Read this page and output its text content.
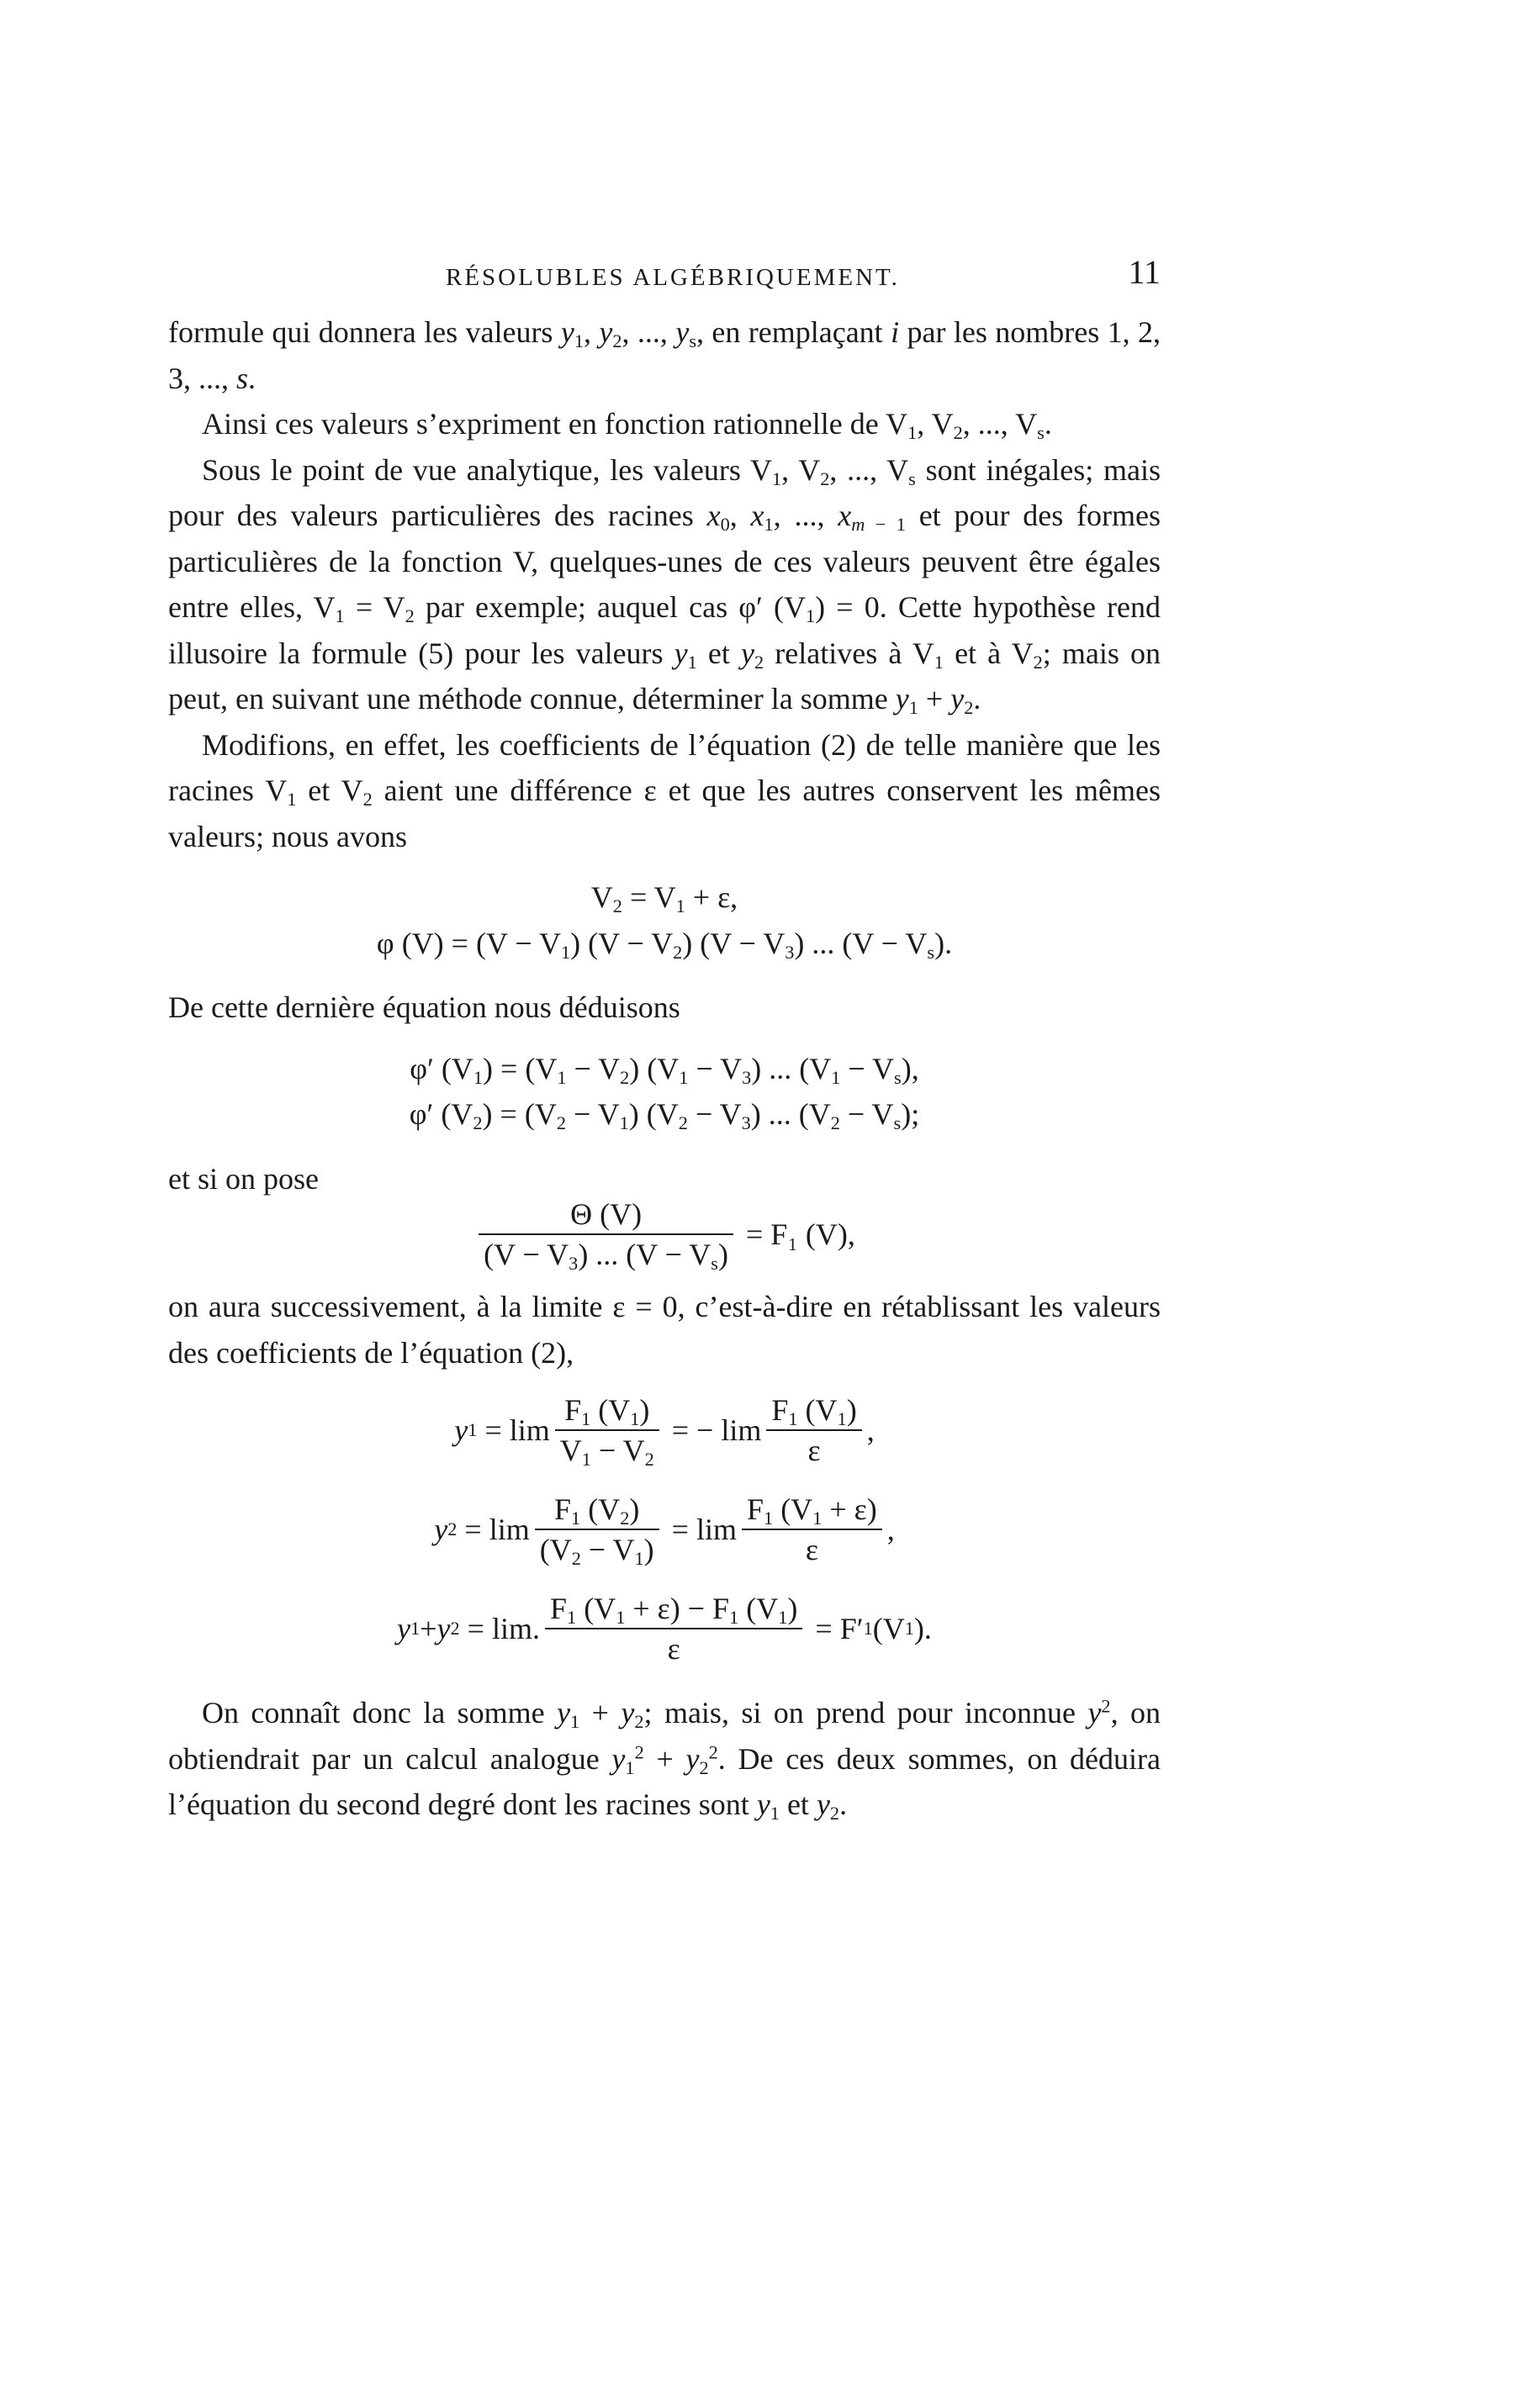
RÉSOLUBLES ALGÉBRIQUEMENT.	11

formule qui donnera les valeurs $y_1$, $y_2$, ..., $y_s$, en remplaçant i par les nombres 1, 2, 3, ..., s.

Ainsi ces valeurs s’expriment en fonction rationnelle de $V_1$, $V_2$, ..., $V_s$.

Sous le point de vue analytique, les valeurs $V_1$, $V_2$, ..., $V_s$ sont inégales; mais pour des valeurs particulières des racines $x_0$, $x_1$, ..., $x_{m - 1}$ et pour des formes particulières de la fonction V, quelques-unes de ces valeurs peuvent être égales entre elles, $V_1 = V_2$ par exemple; auquel cas φ′ $(V_1) = 0$. Cette hypothèse rend illusoire la formule (5) pour les valeurs $y_1$ et $y_2$ relatives à $V_1$ et à $V_2$; mais on peut, en suivant une méthode connue, déterminer la somme $y_1 + y_2$.

Modifions, en effet, les coefficients de l’équation (2) de telle manière que les racines $V_1$ et $V_2$ aient une différence ε et que les autres conservent les mêmes valeurs; nous avons

$V_2 = V_1 + \varepsilon$,
φ $(V) = (V - V_1)$ $(V - V_2)$ $(V - V_3)$ ... $(V - V_s)$.

De cette dernière équation nous déduisons

φ′ $(V_1) = (V_1 - V_2) (V_1 - V_3)$ ... $(V_1 - V_s)$,
φ′ $(V_2) = (V_2 - V_1) (V_2 - V_3)$ ... $(V_2 - V_s)$;

et si on pose

$\frac{\Theta (V)}{(V - V_3) ... (V - V_s)} = F_1$ (V),

on aura successivement, à la limite ε = 0, c’est-à-dire en rétablissant les valeurs des coefficients de l’équation (2),

y $1 = \lim \frac{F_1 (V_1)}{V_1 - V_2}$ = − $\lim \frac{F_1 (V_1)}{\varepsilon}$ ,
y $2 = \lim \frac{F_1 (V_2)}{(V_2 - V_1)} = \lim \frac{F_1 (V_1 + \varepsilon)}{\varepsilon}$ ,
y 1 + y 2 = lim . $\frac{F_1 (V_1 + \varepsilon) - F_1 (V_1)}{\varepsilon} = F'$ 1 (V 1 ).

On connaît donc la somme $y_1 + y_2$; mais, si on prend pour inconnue $y^2$, on obtiendrait par un calcul analogue $y_1^2 + y_2^2$. De ces deux sommes, on déduira l’équation du second degré dont les racines sont $y_1$ et $y_2$.
